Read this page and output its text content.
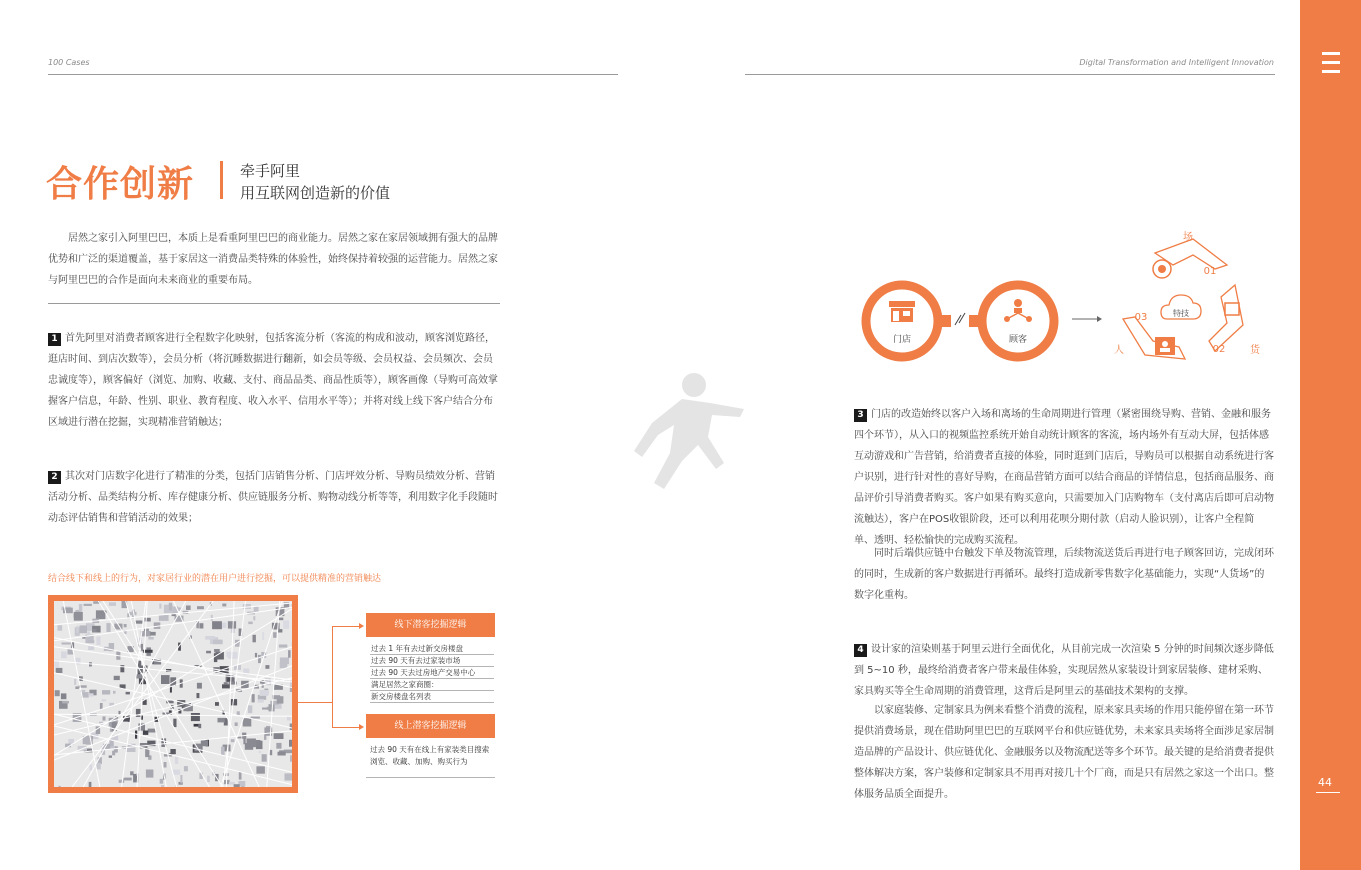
100 Cases	Digital Transformation and Intelligent Innovation
44
合作创新	牵手阿里
用互联网创造新的价值
居然之家引入阿里巴巴，本质上是看重阿里巴巴的商业能力。居然之家在家居领域拥有强大的品牌优势和广泛的渠道覆盖，基于家居这一消费品类特殊的体验性，始终保持着较强的运营能力。居然之家与阿里巴巴的合作是面向未来商业的重要布局。
1 首先阿里对消费者顾客进行全程数字化映射，包括客流分析（客流的构成和波动，顾客浏览路径，逛店时间、到店次数等），会员分析（将沉睡数据进行翻新，如会员等级、会员权益、会员频次、会员忠诚度等），顾客偏好（浏览、加购、收藏、支付、商品品类、商品性质等），顾客画像（导购可高效掌握客户信息，年龄、性别、职业、教育程度、收入水平、信用水平等）；并将对线上线下客户结合分布区域进行潜在挖掘，实现精准营销触达；
2 其次对门店数字化进行了精准的分类，包括门店销售分析、门店坪效分析、导购员绩效分析、营销活动分析、品类结构分析、库存健康分析、供应链服务分析、购物动线分析等等，利用数字化手段随时动态评估销售和营销活动的效果；
结合线下和线上的行为，对家居行业的潜在用户进行挖掘，可以提供精准的营销触达
线下潜客挖掘逻辑
过去 1 年有去过新交房楼盘
过去 90 天有去过家装市场
过去 90 天去过房地产交易中心
满足居然之家商圈：
新交房楼盘名列表
线上潜客挖掘逻辑
过去 90 天有在线上有家装类目搜索浏览、收藏、加购、购买行为
门店	顾客
特技
01
02
03
场
货
人
3 门店的改造始终以客户入场和离场的生命周期进行管理（紧密围绕导购、营销、金融和服务四个环节），从入口的视频监控系统开始自动统计顾客的客流，场内场外有互动大屏，包括体感互动游戏和广告营销，给消费者直接的体验，同时逛到门店后，导购员可以根据自动系统进行客户识别，进行针对性的喜好导购，在商品营销方面可以结合商品的详情信息，包括商品服务、商品评价引导消费者购买。客户如果有购买意向，只需要加入门店购物车（支付离店后即可启动物流触达），客户在POS收银阶段，还可以利用花呗分期付款（启动人脸识别），让客户全程简单、透明、轻松愉快的完成购买流程。
同时后端供应链中台触发下单及物流管理，后续物流送货后再进行电子顾客回访，完成闭环的同时，生成新的客户数据进行再循环。最终打造成新零售数字化基础能力，实现“人货场”的数字化重构。
4 设计家的渲染则基于阿里云进行全面优化，从目前完成一次渲染 5 分钟的时间频次逐步降低到 5~10 秒，最终给消费者客户带来最佳体验，实现居然从家装设计到家居装修、建材采购、家具购买等全生命周期的消费管理，这背后是阿里云的基础技术架构的支撑。
以家庭装修、定制家具为例来看整个消费的流程，原来家具卖场的作用只能停留在第一环节提供消费场景，现在借助阿里巴巴的互联网平台和供应链优势，未来家具卖场将全面涉足家居制造品牌的产品设计、供应链优化、金融服务以及物流配送等多个环节。最关键的是给消费者提供整体解决方案，客户装修和定制家具不用再对接几十个厂商，而是只有居然之家这一个出口。整体服务品质全面提升。
